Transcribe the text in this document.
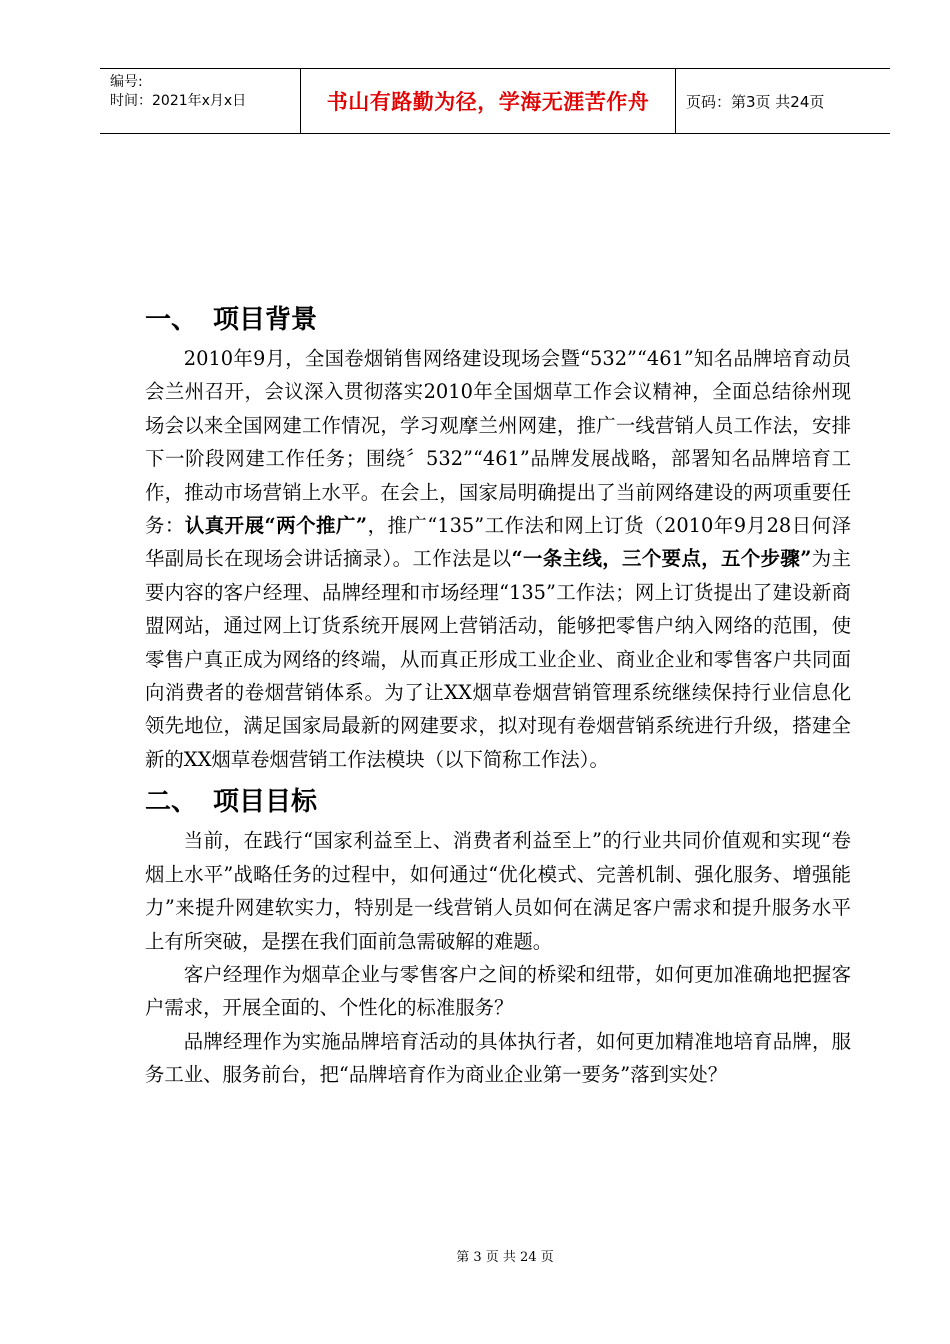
编号:
时间：2021年x月x日	书山有路勤为径，学海无涯苦作舟	页码：第3页 共24页
一、 项目背景

2010年9月，全国卷烟销售网络建设现场会暨“532”“461”知名品牌培育动员会兰州召开，会议深入贯彻落实2010年全国烟草工作会议精神，全面总结徐州现场会以来全国网建工作情况，学习观摩兰州网建，推广一线营销人员工作法，安排下一阶段网建工作任务；围绕〞532”“461”品牌发展战略，部署知名品牌培育工作，推动市场营销上水平。在会上，国家局明确提出了当前网络建设的两项重要任务：认真开展“两个推广”，推广“135”工作法和网上订货（2010年9月28日何泽华副局长在现场会讲话摘录）。工作法是以“一条主线，三个要点，五个步骤”为主要内容的客户经理、品牌经理和市场经理“135”工作法；网上订货提出了建设新商盟网站，通过网上订货系统开展网上营销活动，能够把零售户纳入网络的范围，使零售户真正成为网络的终端，从而真正形成工业企业、商业企业和零售客户共同面向消费者的卷烟营销体系。为了让XX烟草卷烟营销管理系统继续保持行业信息化领先地位，满足国家局最新的网建要求，拟对现有卷烟营销系统进行升级，搭建全新的XX烟草卷烟营销工作法模块（以下简称工作法）。

二、 项目目标

当前，在践行“国家利益至上、消费者利益至上”的行业共同价值观和实现“卷烟上水平”战略任务的过程中，如何通过“优化模式、完善机制、强化服务、增强能力”来提升网建软实力，特别是一线营销人员如何在满足客户需求和提升服务水平上有所突破，是摆在我们面前急需破解的难题。

客户经理作为烟草企业与零售客户之间的桥梁和纽带，如何更加准确地把握客户需求，开展全面的、个性化的标准服务？

品牌经理作为实施品牌培育活动的具体执行者，如何更加精准地培育品牌，服务工业、服务前台，把“品牌培育作为商业企业第一要务”落到实处？

第 3 页 共 24 页
